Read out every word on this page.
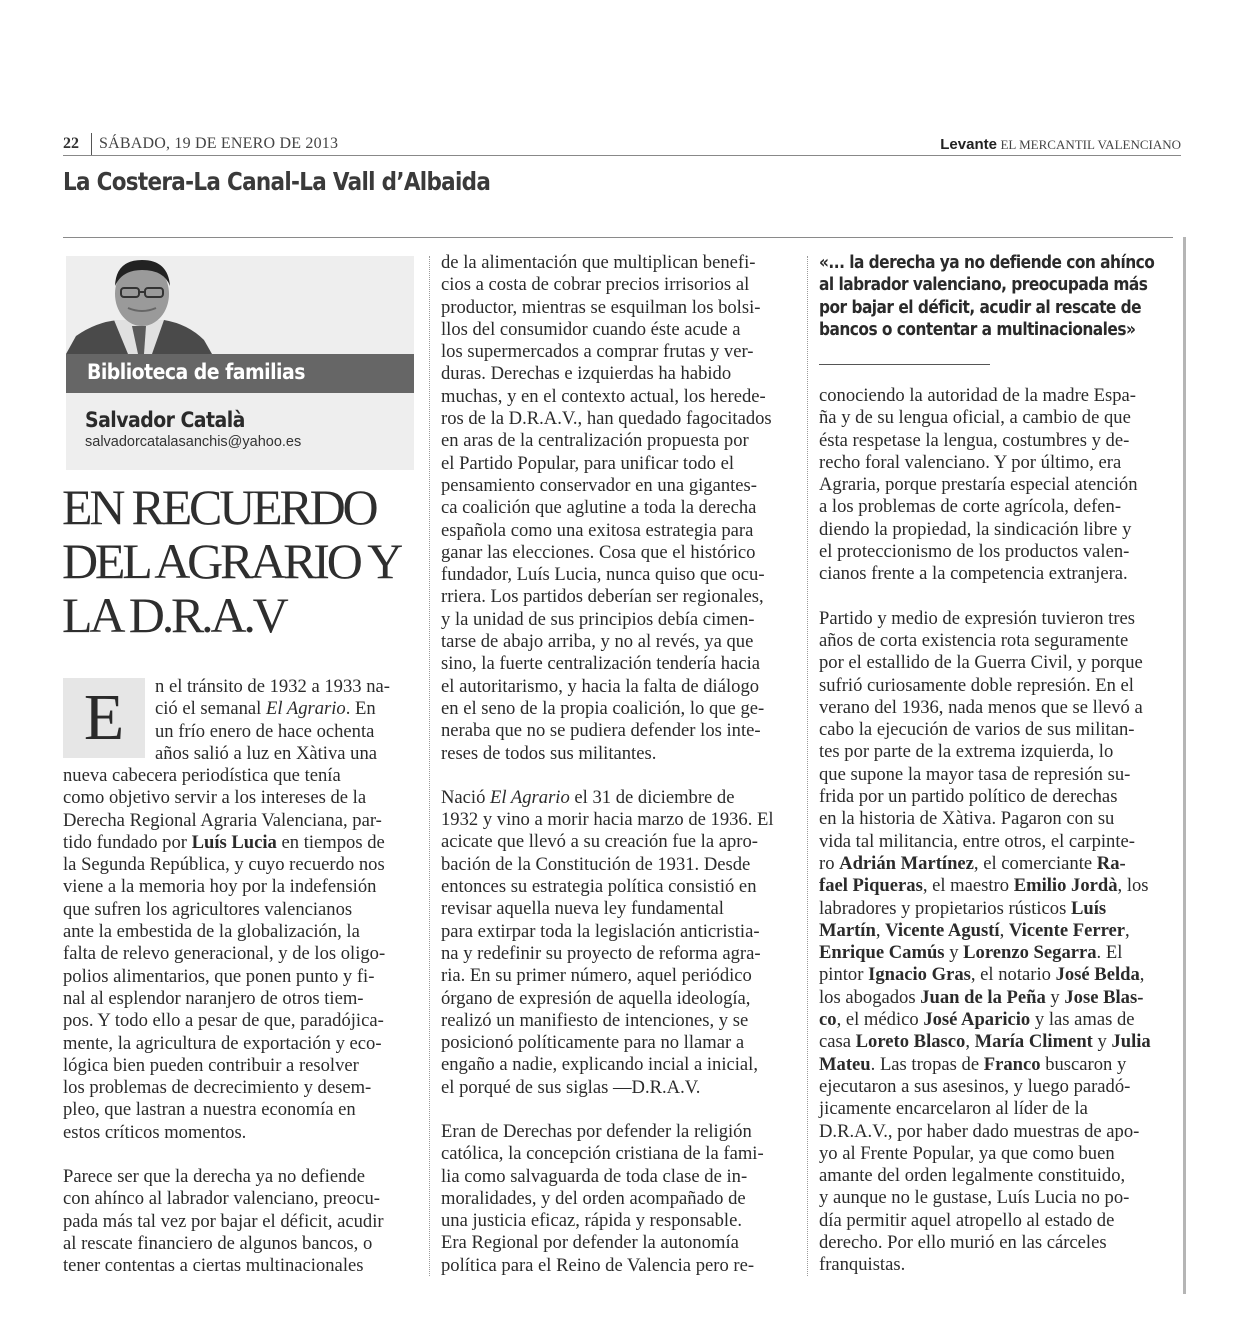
22 SÁBADO, 19 DE ENERO DE 2013	Levante EL MERCANTIL VALENCIANO
La Costera-La Canal-La Vall d’Albaida
Biblioteca de familias
Salvador Català
salvadorcatalasanchis@yahoo.es
EN RECUERDO
DEL AGRARIO Y
LA D.R.A.V
E	n el tránsito de 1932 a 1933 na-

ció el semanal El Agrario. En

un frío enero de hace ochenta

años salió a luz en Xàtiva una

nueva cabecera periodística que tenía

como objetivo servir a los intereses de la

Derecha Regional Agraria Valenciana, par-

tido fundado por Luís Lucia en tiempos de

la Segunda República, y cuyo recuerdo nos

viene a la memoria hoy por la indefensión

que sufren los agricultores valencianos

ante la embestida de la globalización, la

falta de relevo generacional, y de los oligo-

polios alimentarios, que ponen punto y fi-

nal al esplendor naranjero de otros tiem-

pos. Y todo ello a pesar de que, paradójica-

mente, la agricultura de exportación y eco-

lógica bien pueden contribuir a resolver

los problemas de decrecimiento y desem-

pleo, que lastran a nuestra economía en

estos críticos momentos.

Parece ser que la derecha ya no defiende

con ahínco al labrador valenciano, preocu-

pada más tal vez por bajar el déficit, acudir

al rescate financiero de algunos bancos, o

tener contentas a ciertas multinacionales

de la alimentación que multiplican benefi-

cios a costa de cobrar precios irrisorios al

productor, mientras se esquilman los bolsi-

llos del consumidor cuando éste acude a

los supermercados a comprar frutas y ver-

duras. Derechas e izquierdas ha habido

muchas, y en el contexto actual, los herede-

ros de la D.R.A.V., han quedado fagocitados

en aras de la centralización propuesta por

el Partido Popular, para unificar todo el

pensamiento conservador en una gigantes-

ca coalición que aglutine a toda la derecha

española como una exitosa estrategia para

ganar las elecciones. Cosa que el histórico

fundador, Luís Lucia, nunca quiso que ocu-

rriera. Los partidos deberían ser regionales,

y la unidad de sus principios debía cimen-

tarse de abajo arriba, y no al revés, ya que

sino, la fuerte centralización tendería hacia

el autoritarismo, y hacia la falta de diálogo

en el seno de la propia coalición, lo que ge-

neraba que no se pudiera defender los inte-

reses de todos sus militantes.

Nació El Agrario el 31 de diciembre de

1932 y vino a morir hacia marzo de 1936. El

acicate que llevó a su creación fue la apro-

bación de la Constitución de 1931. Desde

entonces su estrategia política consistió en

revisar aquella nueva ley fundamental

para extirpar toda la legislación anticristia-

na y redefinir su proyecto de reforma agra-

ria. En su primer número, aquel periódico

órgano de expresión de aquella ideología,

realizó un manifiesto de intenciones, y se

posicionó políticamente para no llamar a

engaño a nadie, explicando incial a inicial,

el porqué de sus siglas —D.R.A.V.

Eran de Derechas por defender la religión

católica, la concepción cristiana de la fami-

lia como salvaguarda de toda clase de in-

moralidades, y del orden acompañado de

una justicia eficaz, rápida y responsable.

Era Regional por defender la autonomía

política para el Reino de Valencia pero re-

«... la derecha ya no defiende con ahínco
al labrador valenciano, preocupada más
por bajar el déficit, acudir al rescate de
bancos o contentar a multinacionales»

conociendo la autoridad de la madre Espa-

ña y de su lengua oficial, a cambio de que

ésta respetase la lengua, costumbres y de-

recho foral valenciano. Y por último, era

Agraria, porque prestaría especial atención

a los problemas de corte agrícola, defen-

diendo la propiedad, la sindicación libre y

el proteccionismo de los productos valen-

cianos frente a la competencia extranjera.

Partido y medio de expresión tuvieron tres

años de corta existencia rota seguramente

por el estallido de la Guerra Civil, y porque

sufrió curiosamente doble represión. En el

verano del 1936, nada menos que se llevó a

cabo la ejecución de varios de sus militan-

tes por parte de la extrema izquierda, lo

que supone la mayor tasa de represión su-

frida por un partido político de derechas

en la historia de Xàtiva. Pagaron con su

vida tal militancia, entre otros, el carpinte-

ro Adrián Martínez, el comerciante Ra-

fael Piqueras, el maestro Emilio Jordà, los

labradores y propietarios rústicos Luís

Martín, Vicente Agustí, Vicente Ferrer,

Enrique Camús y Lorenzo Segarra. El

pintor Ignacio Gras, el notario José Belda,

los abogados Juan de la Peña y Jose Blas-

co, el médico José Aparicio y las amas de

casa Loreto Blasco, María Climent y Julia

Mateu. Las tropas de Franco buscaron y

ejecutaron a sus asesinos, y luego paradó-

jicamente encarcelaron al líder de la

D.R.A.V., por haber dado muestras de apo-

yo al Frente Popular, ya que como buen

amante del orden legalmente constituido,

y aunque no le gustase, Luís Lucia no po-

día permitir aquel atropello al estado de

derecho. Por ello murió en las cárceles

franquistas.
